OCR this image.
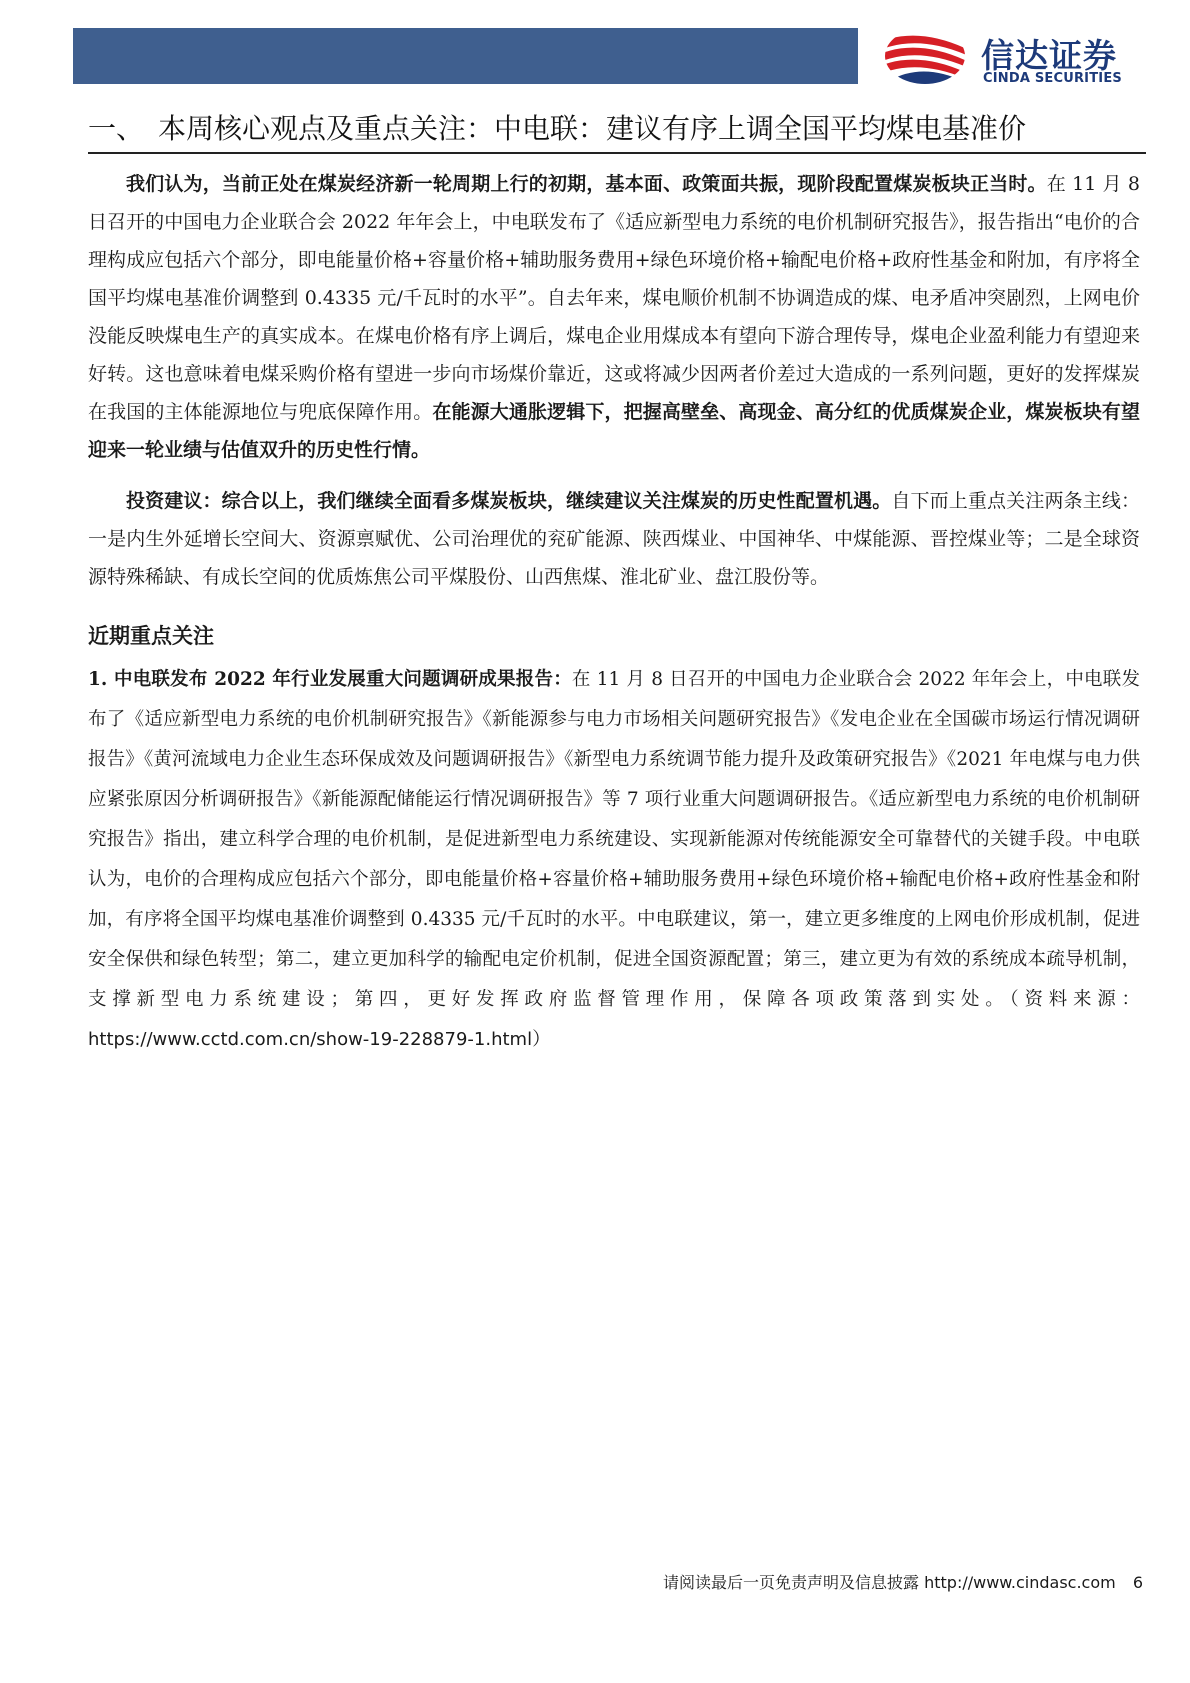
信达证券
CINDA SECURITIES
一、 本周核心观点及重点关注：中电联：建议有序上调全国平均煤电基准价

我们认为，当前正处在煤炭经济新一轮周期上行的初期，基本面、政策面共振，现阶段配置煤炭板块正当时。在 11 月 8 日召开的中国电力企业联合会 2022 年年会上，中电联发布了《适应新型电力系统的电价机制研究报告》，报告指出“电价的合理构成应包括六个部分，即电能量价格+容量价格+辅助服务费用+绿色环境价格+输配电价格+政府性基金和附加，有序将全国平均煤电基准价调整到 0.4335 元/千瓦时的水平”。自去年来，煤电顺价机制不协调造成的煤、电矛盾冲突剧烈，上网电价没能反映煤电生产的真实成本。在煤电价格有序上调后，煤电企业用煤成本有望向下游合理传导，煤电企业盈利能力有望迎来好转。这也意味着电煤采购价格有望进一步向市场煤价靠近，这或将减少因两者价差过大造成的一系列问题，更好的发挥煤炭在我国的主体能源地位与兜底保障作用。在能源大通胀逻辑下，把握高壁垒、高现金、高分红的优质煤炭企业，煤炭板块有望迎来一轮业绩与估值双升的历史性行情。

投资建议：综合以上，我们继续全面看多煤炭板块，继续建议关注煤炭的历史性配置机遇。自下而上重点关注两条主线：一是内生外延增长空间大、资源禀赋优、公司治理优的兖矿能源、陕西煤业、中国神华、中煤能源、晋控煤业等；二是全球资源特殊稀缺、有成长空间的优质炼焦公司平煤股份、山西焦煤、淮北矿业、盘江股份等。

近期重点关注

1. 中电联发布 2022 年行业发展重大问题调研成果报告：在 11 月 8 日召开的中国电力企业联合会 2022 年年会上，中电联发布了《适应新型电力系统的电价机制研究报告》《新能源参与电力市场相关问题研究报告》《发电企业在全国碳市场运行情况调研报告》《黄河流域电力企业生态环保成效及问题调研报告》《新型电力系统调节能力提升及政策研究报告》《2021 年电煤与电力供应紧张原因分析调研报告》《新能源配储能运行情况调研报告》等 7 项行业重大问题调研报告。《适应新型电力系统的电价机制研究报告》指出，建立科学合理的电价机制，是促进新型电力系统建设、实现新能源对传统能源安全可靠替代的关键手段。中电联认为，电价的合理构成应包括六个部分，即电能量价格+容量价格+辅助服务费用+绿色环境价格+输配电价格+政府性基金和附加，有序将全国平均煤电基准价调整到 0.4335 元/千瓦时的水平。中电联建议，第一，建立更多维度的上网电价形成机制，促进安全保供和绿色转型；第二，建立更加科学的输配电定价机制，促进全国资源配置；第三，建立更为有效的系统成本疏导机制，支撑新型电力系统建设；第四，更好发挥政府监督管理作用，保障各项政策落到实处。（资料来源：https://www.cctd.com.cn/show-19-228879-1.html）

请阅读最后一页免责声明及信息披露 http://www.cindasc.com 6
